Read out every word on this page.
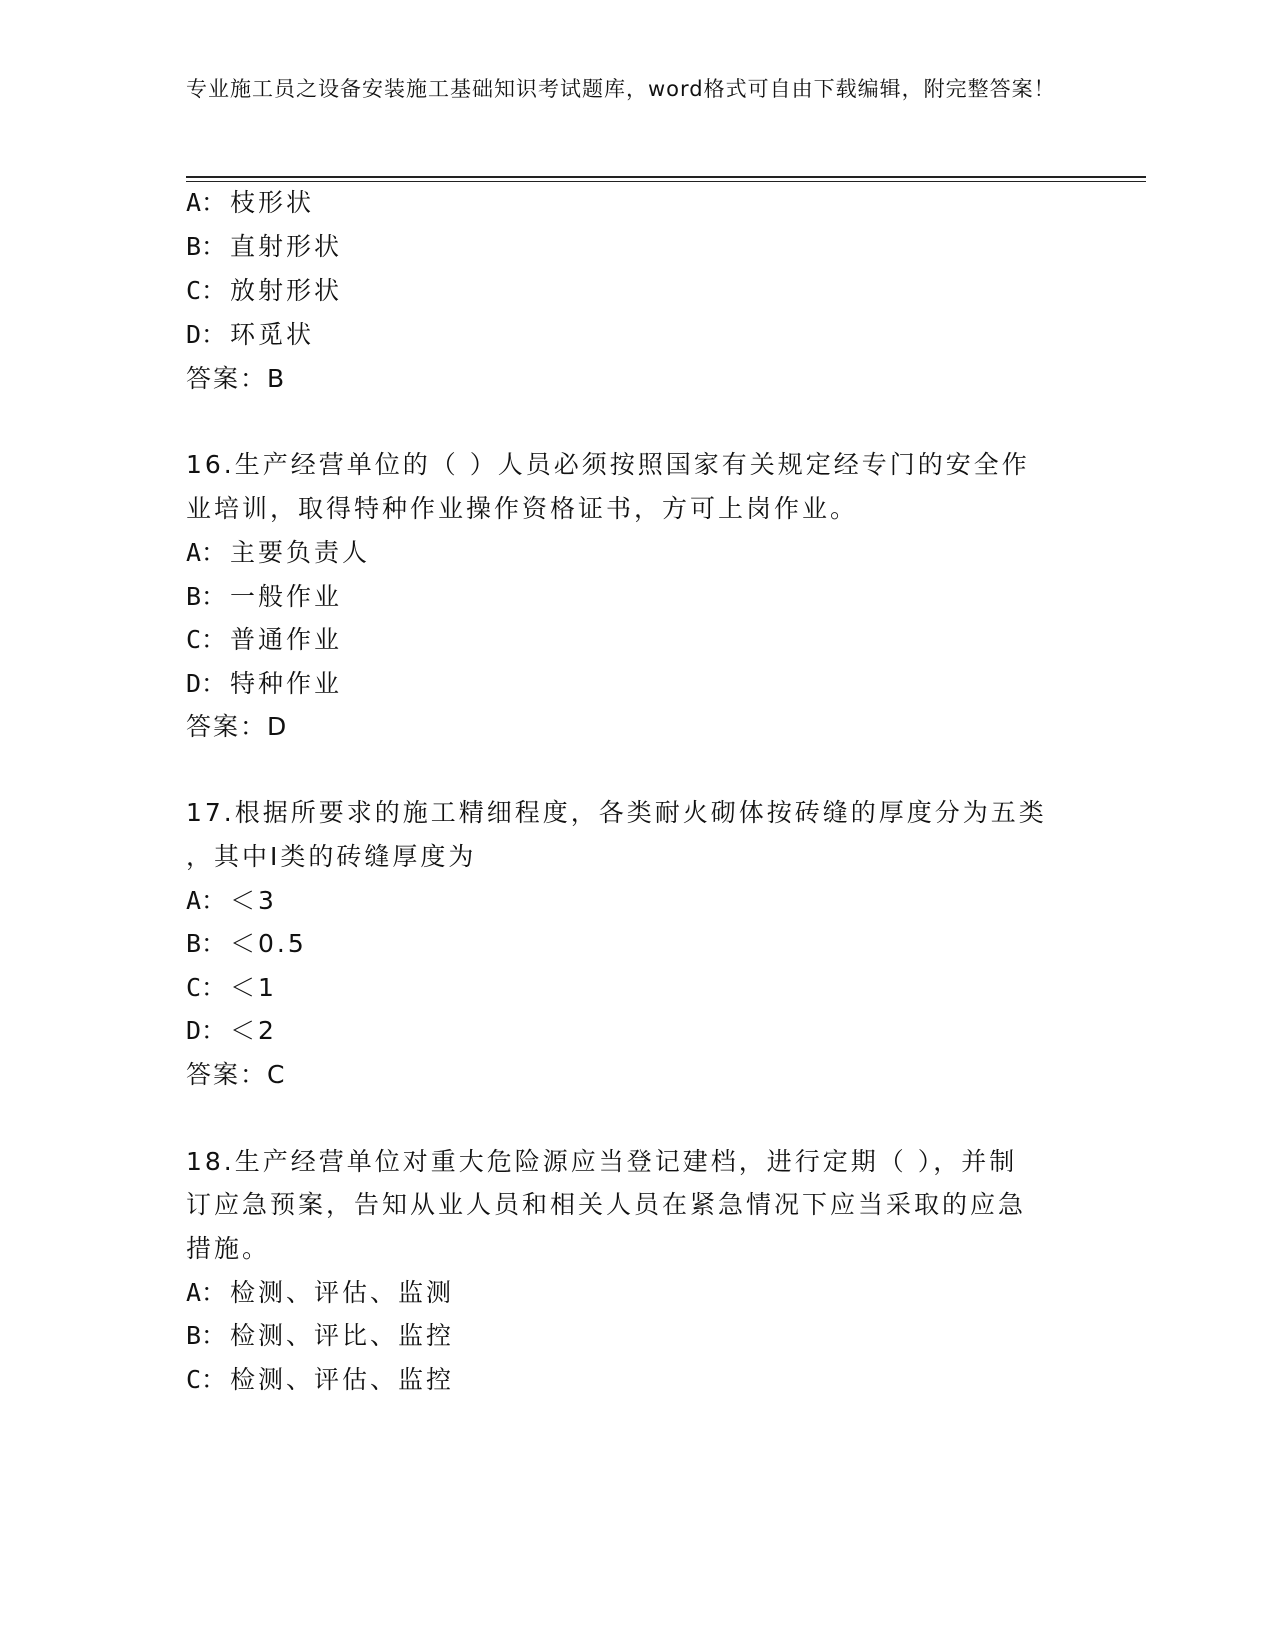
专业施工员之设备安装施工基础知识考试题库，word格式可自由下载编辑，附完整答案！
A： 枝形状
B： 直射形状
C： 放射形状
D： 环觅状
答案：B
16.生产经营单位的（ ）人员必须按照国家有关规定经专门的安全作
业培训，取得特种作业操作资格证书，方可上岗作业。
A： 主要负责人
B： 一般作业
C： 普通作业
D： 特种作业
答案：D
17.根据所要求的施工精细程度，各类耐火砌体按砖缝的厚度分为五类
，其中Ⅰ类的砖缝厚度为
A： ＜3
B： ＜0.5
C： ＜1
D： ＜2
答案：C
18.生产经营单位对重大危险源应当登记建档，进行定期（ ），并制
订应急预案，告知从业人员和相关人员在紧急情况下应当采取的应急
措施。
A： 检测、评估、监测
B： 检测、评比、监控
C： 检测、评估、监控
